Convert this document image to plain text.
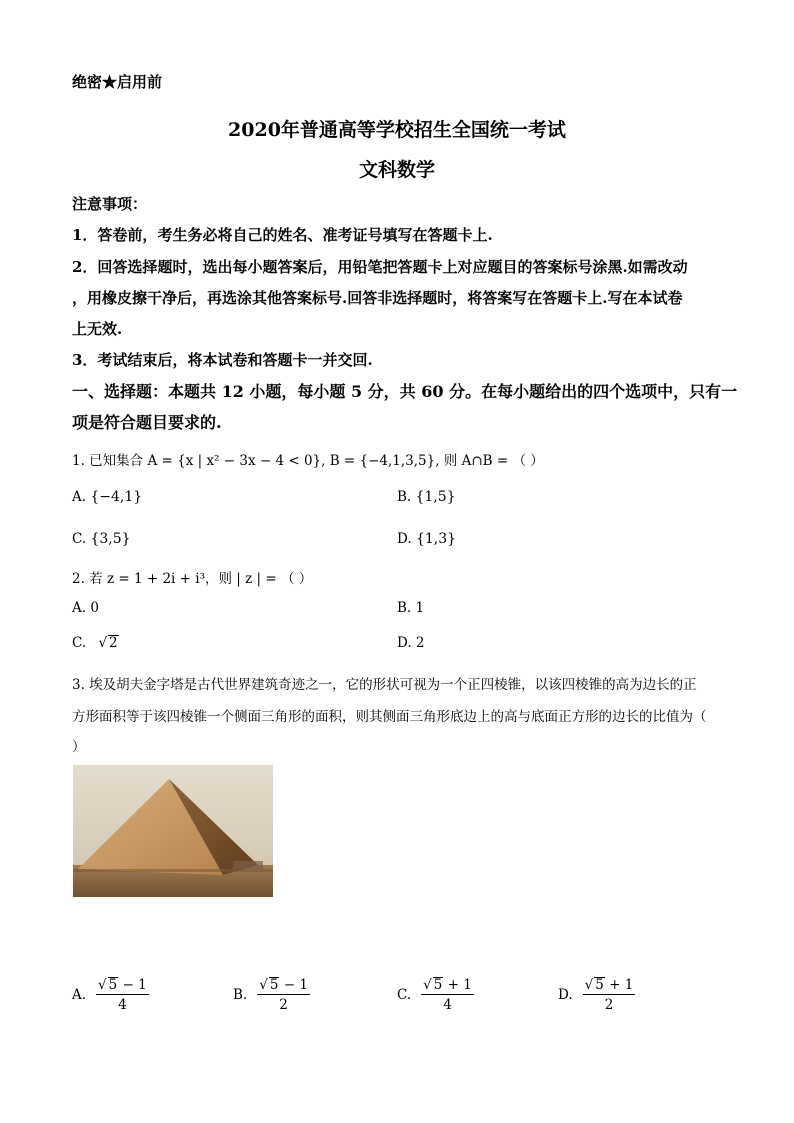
绝密★启用前
2020年普通高等学校招生全国统一考试
文科数学
注意事项：
1．答卷前，考生务必将自己的姓名、准考证号填写在答题卡上.
2．回答选择题时，选出每小题答案后，用铅笔把答题卡上对应题目的答案标号涂黑.如需改动
，用橡皮擦干净后，再选涂其他答案标号.回答非选择题时，将答案写在答题卡上.写在本试卷
上无效.
3．考试结束后，将本试卷和答题卡一并交回.
一、选择题：本题共 12 小题，每小题 5 分，共 60 分。在每小题给出的四个选项中，只有一
项是符合题目要求的.
1. 已知集合 A = {x | x² − 3x − 4 < 0}, B = {−4,1,3,5}, 则 A∩B = （ ）
A. {−4,1}	B. {1,5}
C. {3,5}	D. {1,3}
2. 若 z = 1 + 2i + i³，则 | z | = （ ）
A. 0	B. 1
C. √ 2	D. 2
3. 埃及胡夫金字塔是古代世界建筑奇迹之一，它的形状可视为一个正四棱锥，以该四棱锥的高为边长的正
方形面积等于该四棱锥一个侧面三角形的面积，则其侧面三角形底边上的高与底面正方形的边长的比值为（
）
A. $\frac{√ 5 - 1}{4}$	B. $\frac{√ 5 - 1}{2}$	C. $\frac{√ 5 + 1}{4}$	D. $\frac{√ 5 + 1}{2}$
